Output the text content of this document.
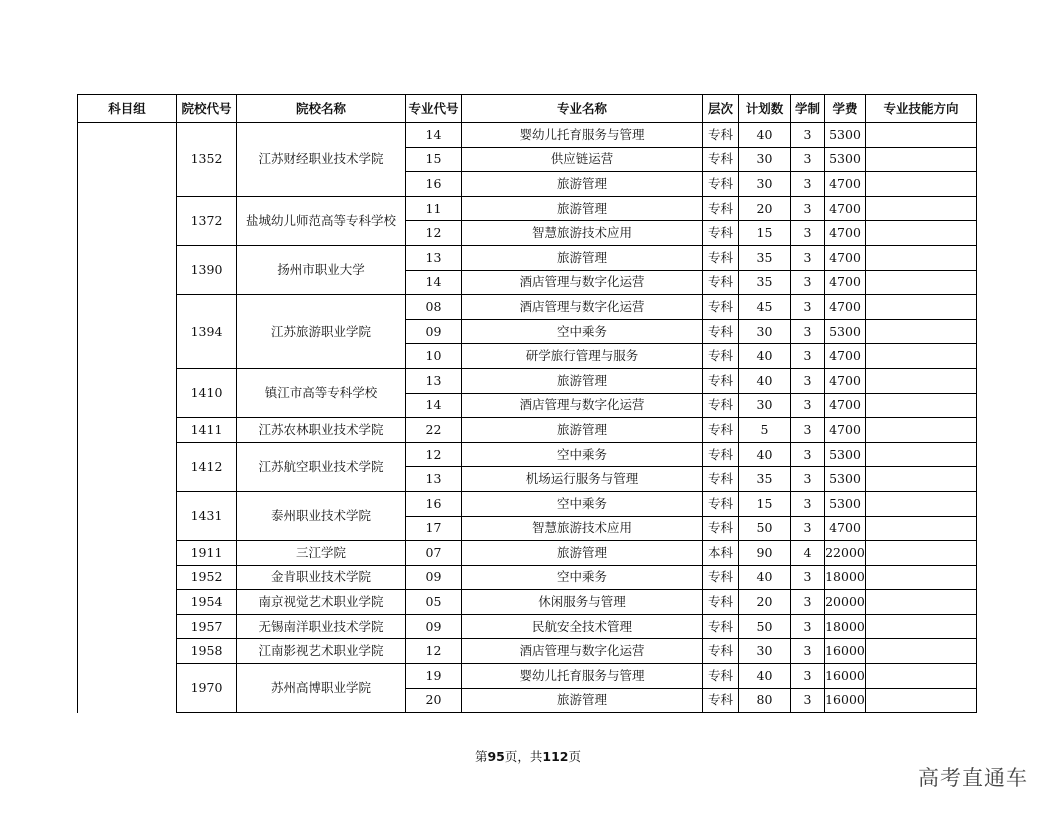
科目组	院校代号	院校名称	专业代号	专业名称	层次	计划数	学制	学费	专业技能方向
	1352	江苏财经职业技术学院	14	婴幼儿托育服务与管理	专科	40	3	5300	
			15	供应链运营	专科	30	3	5300	
			16	旅游管理	专科	30	3	4700	
	1372	盐城幼儿师范高等专科学校	11	旅游管理	专科	20	3	4700	
			12	智慧旅游技术应用	专科	15	3	4700	
	1390	扬州市职业大学	13	旅游管理	专科	35	3	4700	
			14	酒店管理与数字化运营	专科	35	3	4700	
	1394	江苏旅游职业学院	08	酒店管理与数字化运营	专科	45	3	4700	
			09	空中乘务	专科	30	3	5300	
			10	研学旅行管理与服务	专科	40	3	4700	
	1410	镇江市高等专科学校	13	旅游管理	专科	40	3	4700	
			14	酒店管理与数字化运营	专科	30	3	4700	
	1411	江苏农林职业技术学院	22	旅游管理	专科	5	3	4700	
	1412	江苏航空职业技术学院	12	空中乘务	专科	40	3	5300	
			13	机场运行服务与管理	专科	35	3	5300	
	1431	泰州职业技术学院	16	空中乘务	专科	15	3	5300	
			17	智慧旅游技术应用	专科	50	3	4700	
	1911	三江学院	07	旅游管理	本科	90	4	22000	
	1952	金肯职业技术学院	09	空中乘务	专科	40	3	18000	
	1954	南京视觉艺术职业学院	05	休闲服务与管理	专科	20	3	20000	
	1957	无锡南洋职业技术学院	09	民航安全技术管理	专科	50	3	18000	
	1958	江南影视艺术职业学院	12	酒店管理与数字化运营	专科	30	3	16000	
	1970	苏州高博职业学院	19	婴幼儿托育服务与管理	专科	40	3	16000	
			20	旅游管理	专科	80	3	16000	
第95页，共112页
高考直通车
